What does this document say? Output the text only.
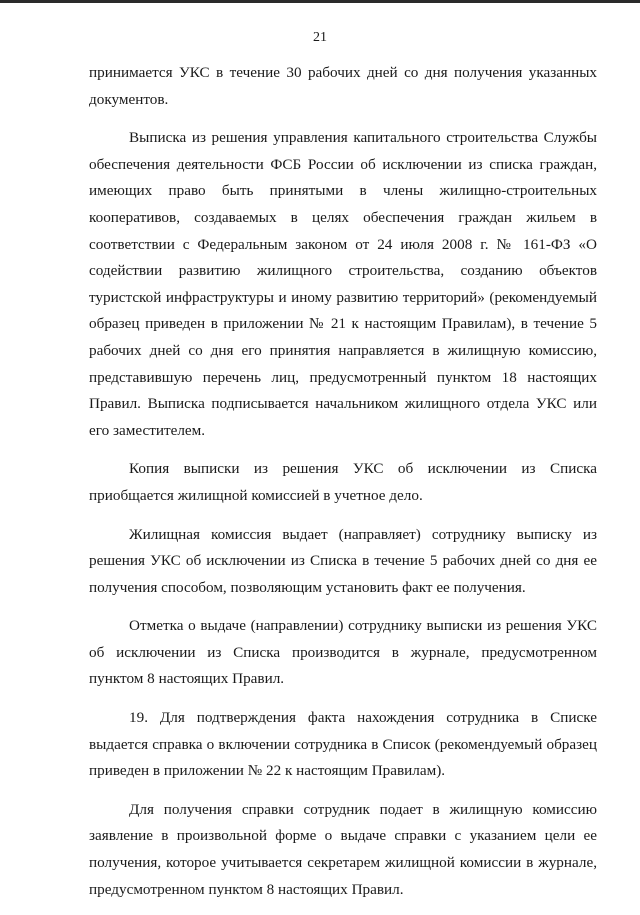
21

принимается УКС в течение 30 рабочих дней со дня получения указанных документов.

Выписка из решения управления капитального строительства Службы обеспечения деятельности ФСБ России об исключении из списка граждан, имеющих право быть принятыми в члены жилищно-строительных кооперативов, создаваемых в целях обеспечения граждан жильем в соответствии с Федеральным законом от 24 июля 2008 г. № 161-ФЗ «О содействии развитию жилищного строительства, созданию объектов туристской инфраструктуры и иному развитию территорий» (рекомендуемый образец приведен в приложении № 21 к настоящим Правилам), в течение 5 рабочих дней со дня его принятия направляется в жилищную комиссию, представившую перечень лиц, предусмотренный пунктом 18 настоящих Правил. Выписка подписывается начальником жилищного отдела УКС или его заместителем.

Копия выписки из решения УКС об исключении из Списка приобщается жилищной комиссией в учетное дело.

Жилищная комиссия выдает (направляет) сотруднику выписку из решения УКС об исключении из Списка в течение 5 рабочих дней со дня ее получения способом, позволяющим установить факт ее получения.

Отметка о выдаче (направлении) сотруднику выписки из решения УКС об исключении из Списка производится в журнале, предусмотренном пунктом 8 настоящих Правил.

19. Для подтверждения факта нахождения сотрудника в Списке выдается справка о включении сотрудника в Список (рекомендуемый образец приведен в приложении № 22 к настоящим Правилам).

Для получения справки сотрудник подает в жилищную комиссию заявление в произвольной форме о выдаче справки с указанием цели ее получения, которое учитывается секретарем жилищной комиссии в журнале, предусмотренном пунктом 8 настоящих Правил.
